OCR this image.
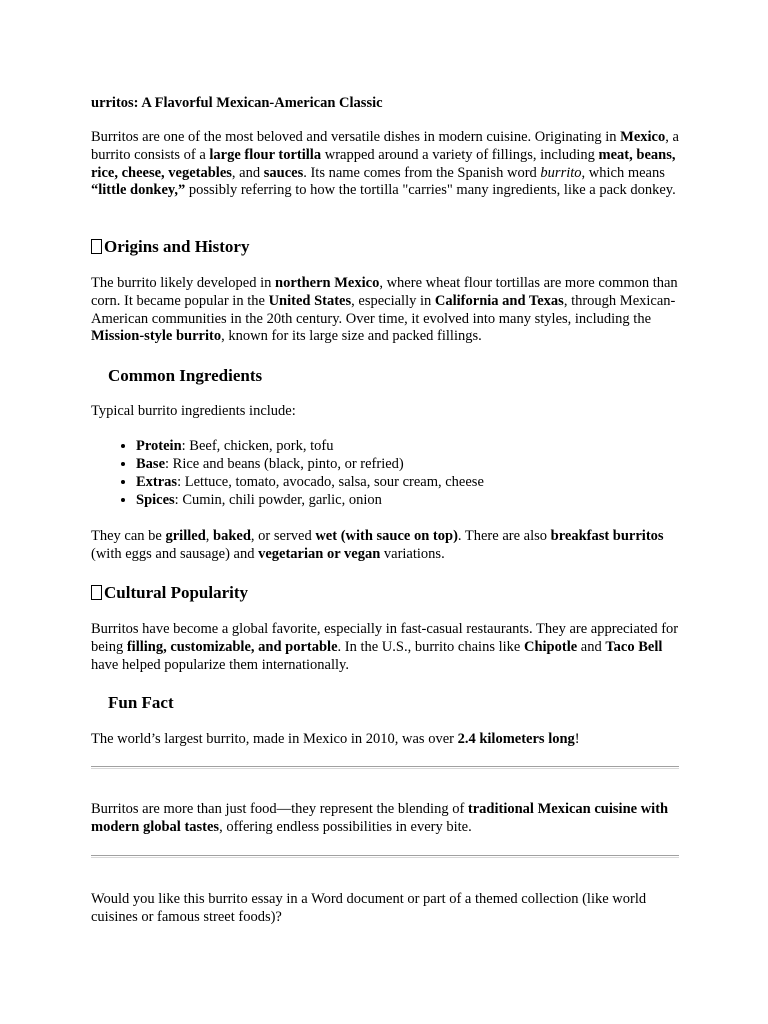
urritos: A Flavorful Mexican-American Classic

Burritos are one of the most beloved and versatile dishes in modern cuisine. Originating in Mexico, a burrito consists of a large flour tortilla wrapped around a variety of fillings, including meat, beans, rice, cheese, vegetables, and sauces. Its name comes from the Spanish word burrito, which means “little donkey,” possibly referring to how the tortilla "carries" many ingredients, like a pack donkey.

Origins and History

The burrito likely developed in northern Mexico, where wheat flour tortillas are more common than corn. It became popular in the United States, especially in California and Texas, through Mexican-American communities in the 20th century. Over time, it evolved into many styles, including the Mission-style burrito, known for its large size and packed fillings.

Common Ingredients

Typical burrito ingredients include:

• Protein: Beef, chicken, pork, tofu
• Base: Rice and beans (black, pinto, or refried)
• Extras: Lettuce, tomato, avocado, salsa, sour cream, cheese
• Spices: Cumin, chili powder, garlic, onion

They can be grilled, baked, or served wet (with sauce on top). There are also breakfast burritos (with eggs and sausage) and vegetarian or vegan variations.

Cultural Popularity

Burritos have become a global favorite, especially in fast-casual restaurants. They are appreciated for being filling, customizable, and portable. In the U.S., burrito chains like Chipotle and Taco Bell have helped popularize them internationally.

Fun Fact

The world’s largest burrito, made in Mexico in 2010, was over 2.4 kilometers long!

Burritos are more than just food—they represent the blending of traditional Mexican cuisine with modern global tastes, offering endless possibilities in every bite.

Would you like this burrito essay in a Word document or part of a themed collection (like world cuisines or famous street foods)?
